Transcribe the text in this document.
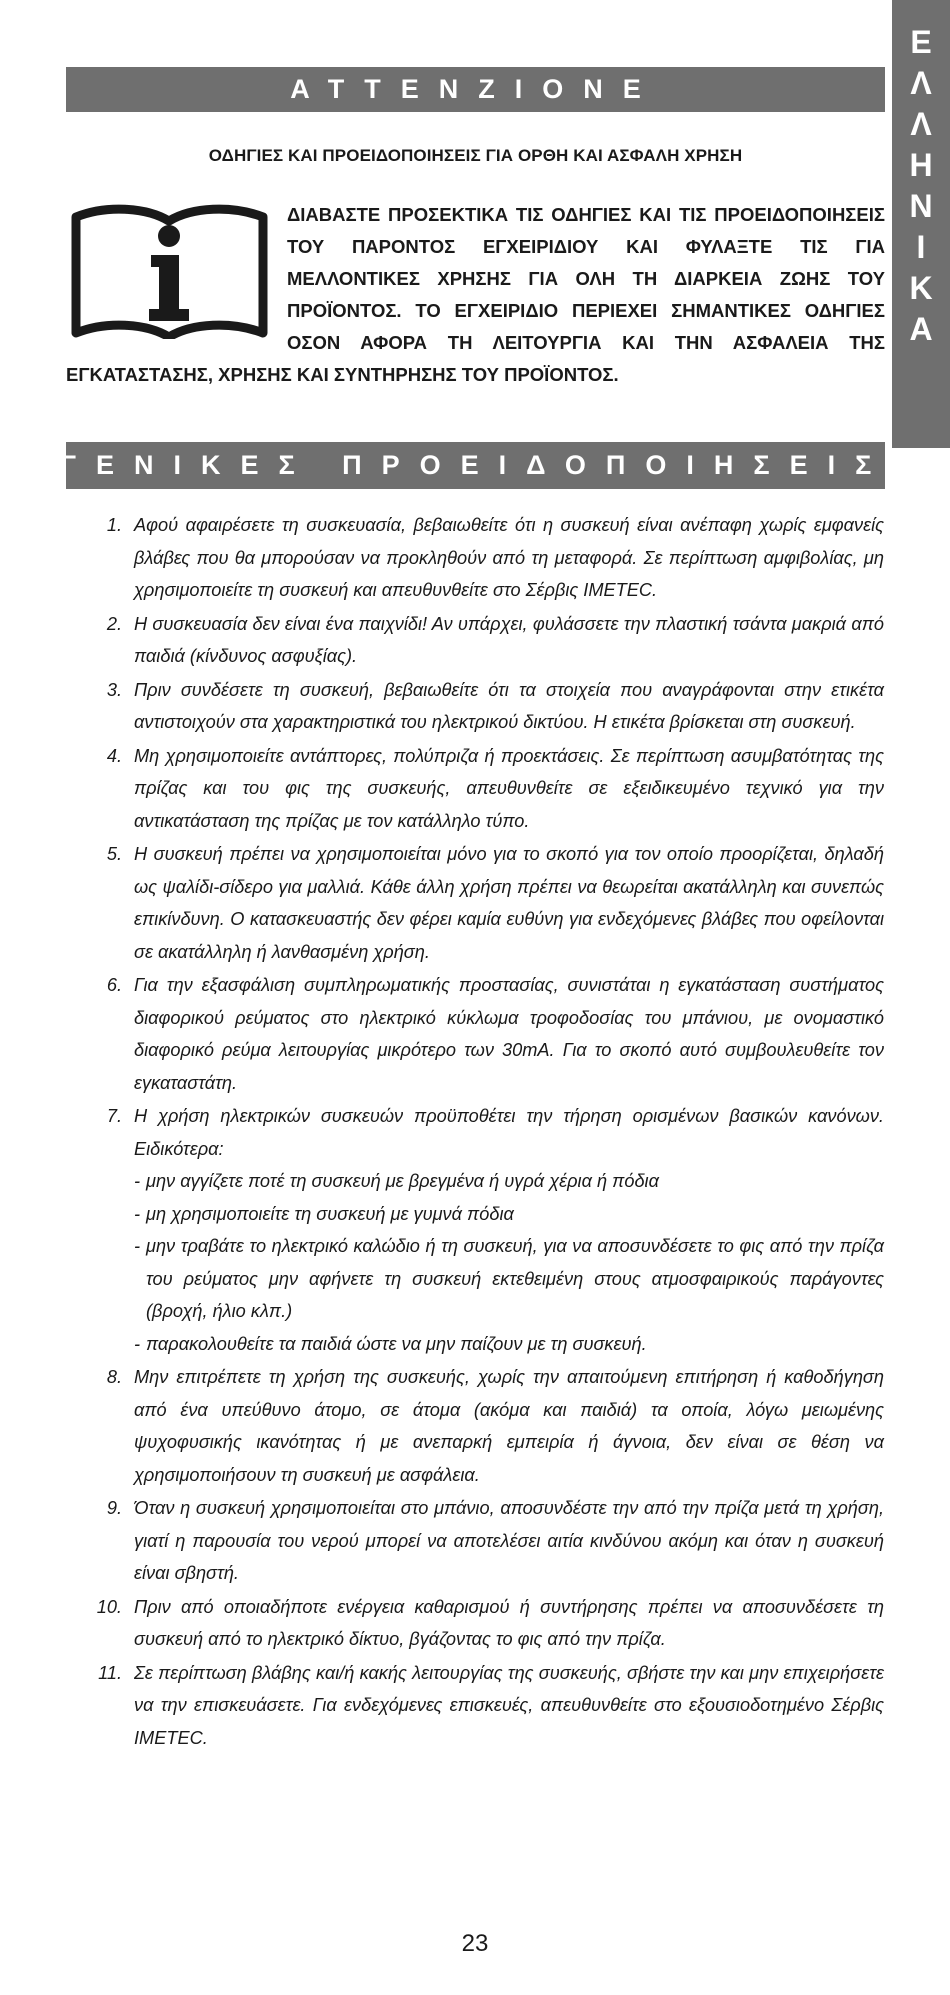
Ε
Λ
Λ
Η
Ν
Ι
Κ
Α
ATTENZIONE
ΟΔΗΓΙΕΣ ΚΑΙ ΠΡΟΕΙΔΟΠΟΙΗΣΕΙΣ ΓΙΑ ΟΡΘΗ ΚΑΙ ΑΣΦΑΛΗ ΧΡΗΣΗ
ΔΙΑΒΑΣΤΕ ΠΡΟΣΕΚΤΙΚΑ ΤΙΣ ΟΔΗΓΙΕΣ ΚΑΙ ΤΙΣ ΠΡΟΕΙΔΟΠΟΙΗΣΕΙΣ ΤΟΥ ΠΑΡΟΝΤΟΣ ΕΓΧΕΙΡΙΔΙΟΥ ΚΑΙ ΦΥΛΑΞΤΕ ΤΙΣ ΓΙΑ ΜΕΛΛΟΝΤΙΚΕΣ ΧΡΗΣΗΣ ΓΙΑ ΟΛΗ ΤΗ ΔΙΑΡΚΕΙΑ ΖΩΗΣ ΤΟΥ ΠΡΟΪΟΝΤΟΣ. ΤΟ ΕΓΧΕΙΡΙΔΙΟ ΠΕΡΙΕΧΕΙ ΣΗΜΑΝΤΙΚΕΣ ΟΔΗΓΙΕΣ ΟΣΟΝ ΑΦΟΡΑ ΤΗ ΛΕΙΤΟΥΡΓΙΑ ΚΑΙ ΤΗΝ ΑΣΦΑΛΕΙΑ ΤΗΣ ΕΓΚΑΤΑΣΤΑΣΗΣ, ΧΡΗΣΗΣ ΚΑΙ ΣΥΝΤΗΡΗΣΗΣ ΤΟΥ ΠΡΟΪΟΝΤΟΣ.
ΓΕΝΙΚΕΣ ΠΡΟΕΙΔΟΠΟΙΗΣΕΙΣ
1. Αφού αφαιρέσετε τη συσκευασία, βεβαιωθείτε ότι η συσκευή είναι ανέπαφη χωρίς εμφανείς βλάβες που θα μπορούσαν να προκληθούν από τη μεταφορά. Σε περίπτωση αμφιβολίας, μη χρησιμοποιείτε τη συσκευή και απευθυνθείτε στο Σέρβις IMETEC.
2. Η συσκευασία δεν είναι ένα παιχνίδι! Αν υπάρχει, φυλάσσετε την πλαστική τσάντα μακριά από παιδιά (κίνδυνος ασφυξίας).
3. Πριν συνδέσετε τη συσκευή, βεβαιωθείτε ότι τα στοιχεία που αναγράφονται στην ετικέτα αντιστοιχούν στα χαρακτηριστικά του ηλεκτρικού δικτύου. Η ετικέτα βρίσκεται στη συσκευή.
4. Μη χρησιμοποιείτε αντάπτορες, πολύπριζα ή προεκτάσεις. Σε περίπτωση ασυμβατότητας της πρίζας και του φις της συσκευής, απευθυνθείτε σε εξειδικευμένο τεχνικό για την αντικατάσταση της πρίζας με τον κατάλληλο τύπο.
5. Η συσκευή πρέπει να χρησιμοποιείται μόνο για το σκοπό για τον οποίο προορίζεται, δηλαδή ως ψαλίδι-σίδερο για μαλλιά. Κάθε άλλη χρήση πρέπει να θεωρείται ακατάλληλη και συνεπώς επικίνδυνη. Ο κατασκευαστής δεν φέρει καμία ευθύνη για ενδεχόμενες βλάβες που οφείλονται σε ακατάλληλη ή λανθασμένη χρήση.
6. Για την εξασφάλιση συμπληρωματικής προστασίας, συνιστάται η εγκατάσταση συστήματος διαφορικού ρεύματος στο ηλεκτρικό κύκλωμα τροφοδοσίας του μπάνιου, με ονομαστικό διαφορικό ρεύμα λειτουργίας μικρότερο των 30mA. Για το σκοπό αυτό συμβουλευθείτε τον εγκαταστάτη.
7. Η χρήση ηλεκτρικών συσκευών προϋποθέτει την τήρηση ορισμένων βασικών κανόνων. Ειδικότερα:
- μην αγγίζετε ποτέ τη συσκευή με βρεγμένα ή υγρά χέρια ή πόδια
- μη χρησιμοποιείτε τη συσκευή με γυμνά πόδια
- μην τραβάτε το ηλεκτρικό καλώδιο ή τη συσκευή, για να αποσυνδέσετε το φις από την πρίζα του ρεύματος μην αφήνετε τη συσκευή εκτεθειμένη στους ατμοσφαιρικούς παράγοντες (βροχή, ήλιο κλπ.)
- παρακολουθείτε τα παιδιά ώστε να μην παίζουν με τη συσκευή.
8. Μην επιτρέπετε τη χρήση της συσκευής, χωρίς την απαιτούμενη επιτήρηση ή καθοδήγηση από ένα υπεύθυνο άτομο, σε άτομα (ακόμα και παιδιά) τα οποία, λόγω μειωμένης ψυχοφυσικής ικανότητας ή με ανεπαρκή εμπειρία ή άγνοια, δεν είναι σε θέση να χρησιμοποιήσουν τη συσκευή με ασφάλεια.
9. Όταν η συσκευή χρησιμοποιείται στο μπάνιο, αποσυνδέστε την από την πρίζα μετά τη χρήση, γιατί η παρουσία του νερού μπορεί να αποτελέσει αιτία κινδύνου ακόμη και όταν η συσκευή είναι σβηστή.
10. Πριν από οποιαδήποτε ενέργεια καθαρισμού ή συντήρησης πρέπει να αποσυνδέσετε τη συσκευή από το ηλεκτρικό δίκτυο, βγάζοντας το φις από την πρίζα.
11. Σε περίπτωση βλάβης και/ή κακής λειτουργίας της συσκευής, σβήστε την και μην επιχειρήσετε να την επισκευάσετε. Για ενδεχόμενες επισκευές, απευθυνθείτε στο εξουσιοδοτημένο Σέρβις IMETEC.
23
